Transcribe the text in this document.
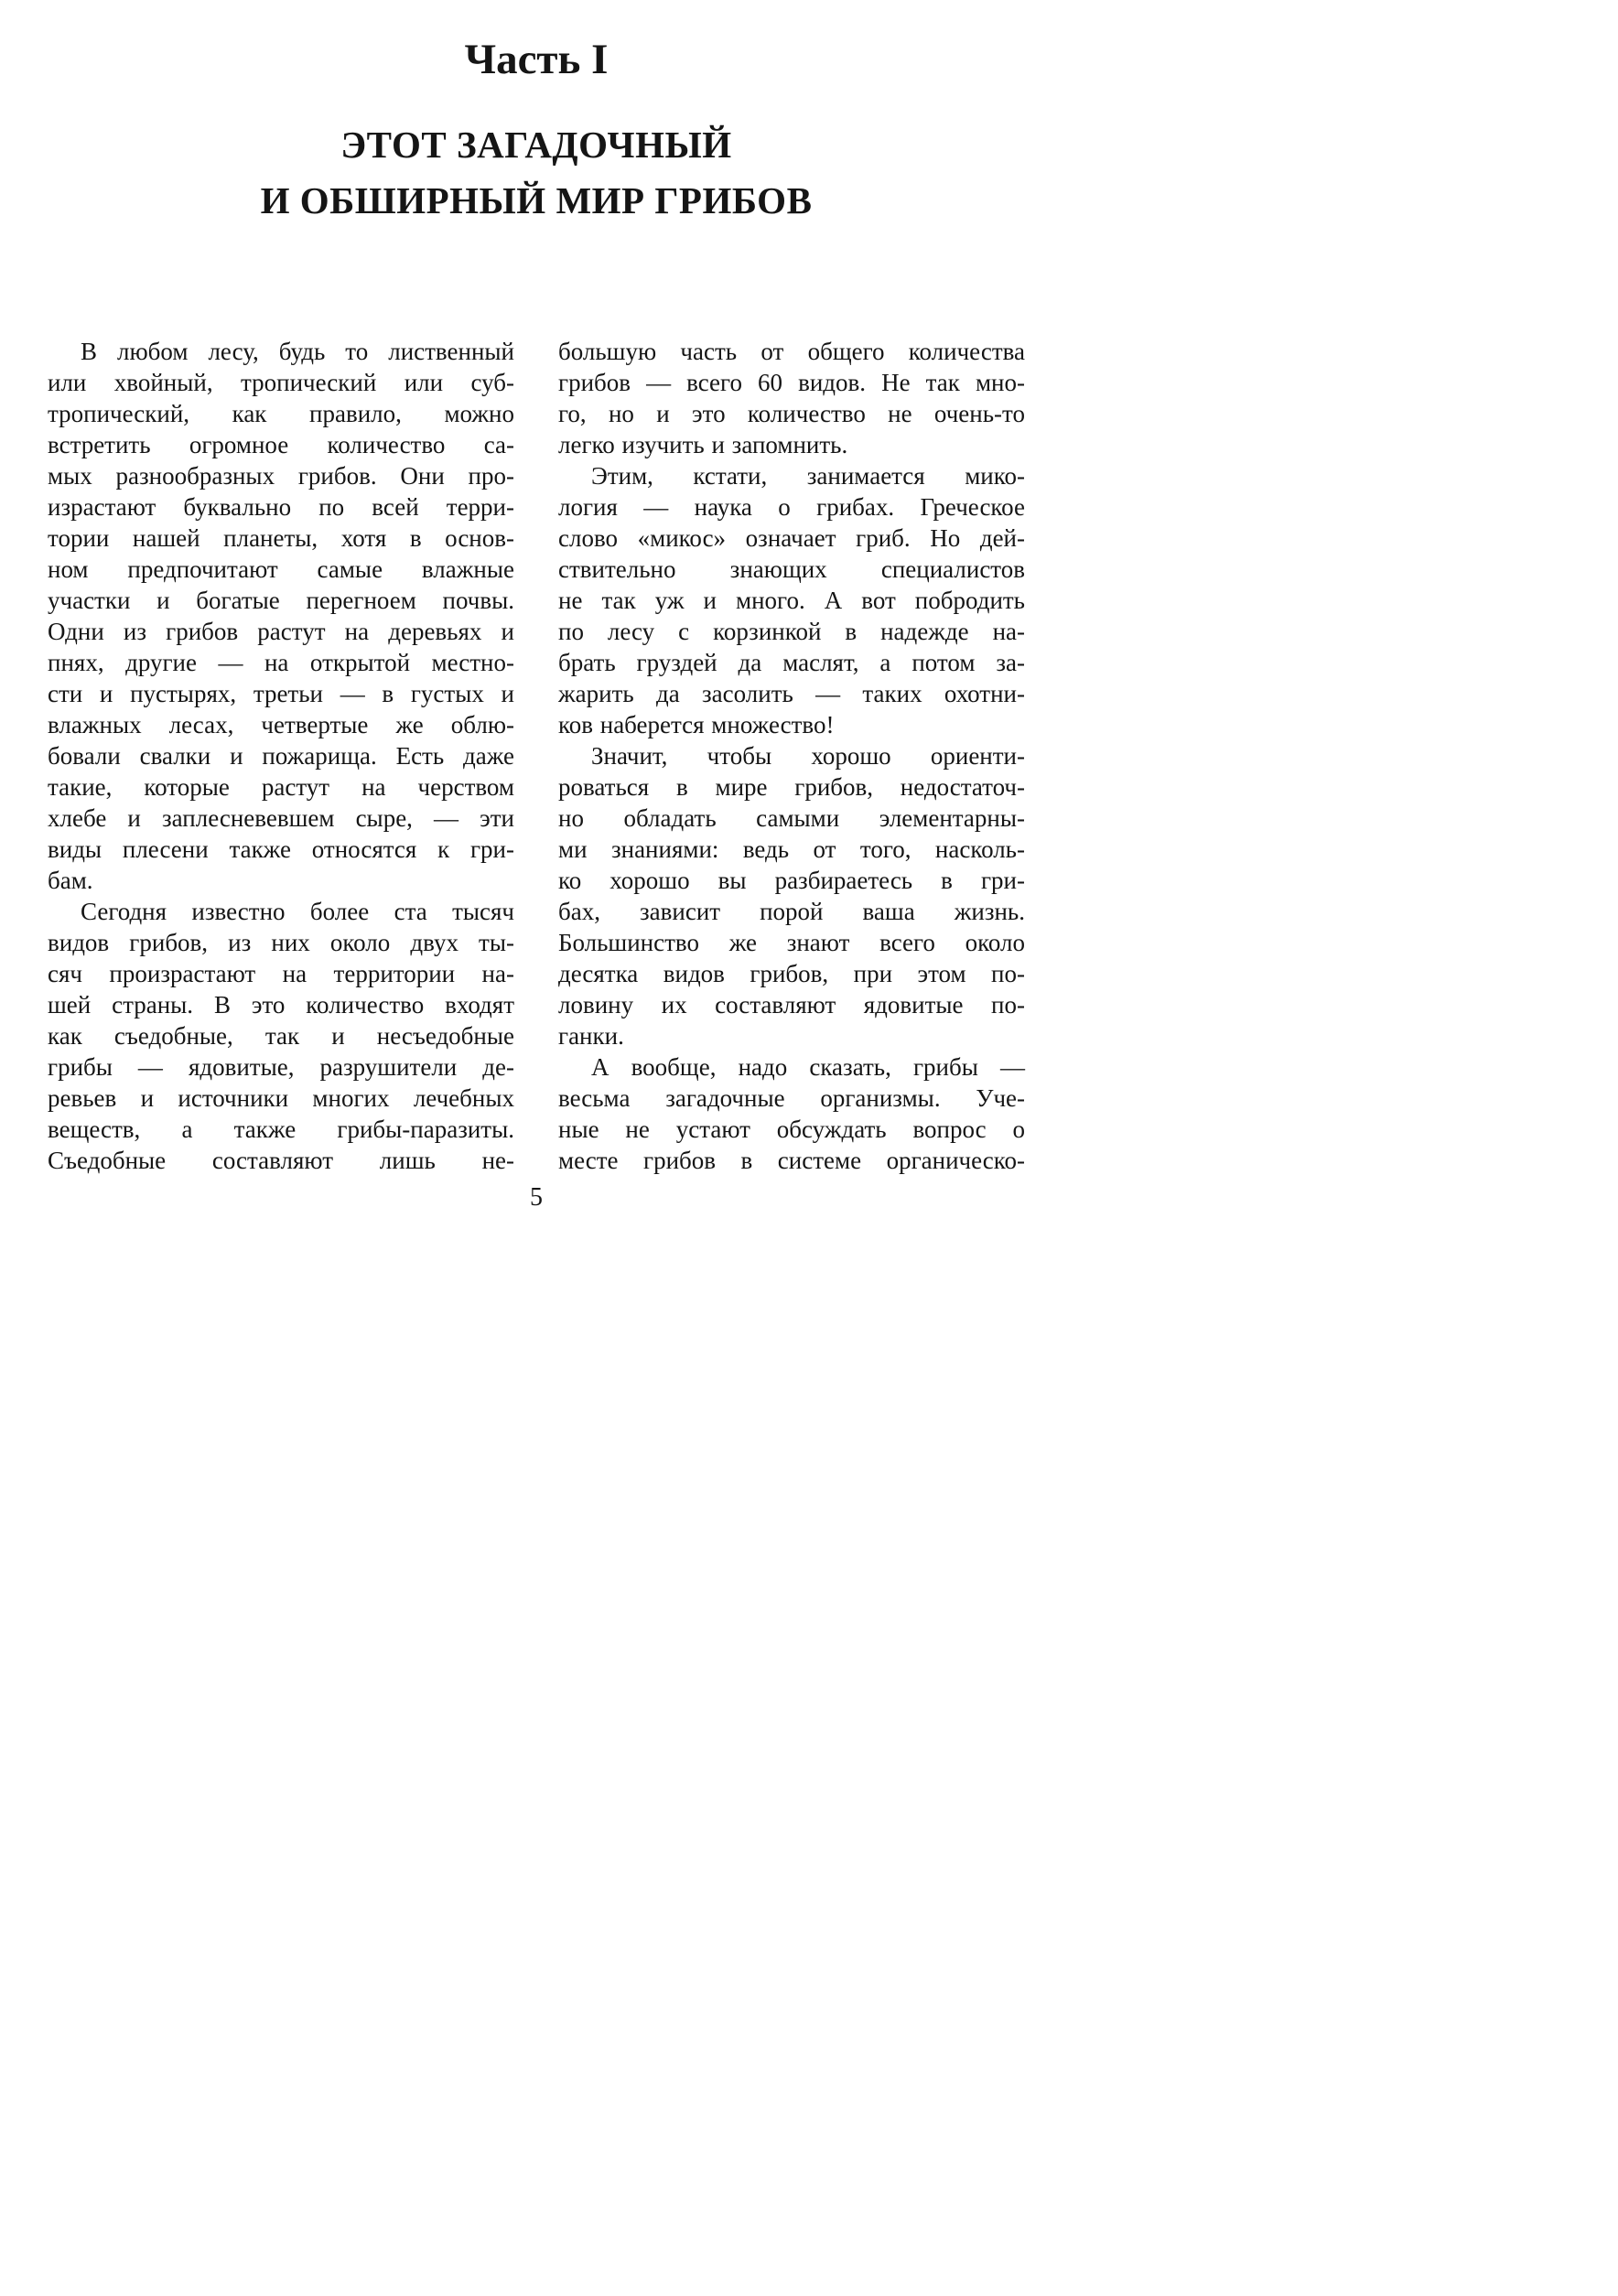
Часть I
ЭТОТ ЗАГАДОЧНЫЙ
И ОБШИРНЫЙ МИР ГРИБОВ
В любом лесу, будь то лиственный
или хвойный, тропический или суб-
тропический, как правило, можно
встретить огромное количество са-
мых разнообразных грибов. Они про-
израстают буквально по всей терри-
тории нашей планеты, хотя в основ-
ном предпочитают самые влажные
участки и богатые перегноем почвы.
Одни из грибов растут на деревьях и
пнях, другие — на открытой местно-
сти и пустырях, третьи — в густых и
влажных лесах, четвертые же облю-
бовали свалки и пожарища. Есть даже
такие, которые растут на черством
хлебе и заплесневевшем сыре, — эти
виды плесени также относятся к гри-
бам.
Сегодня известно более ста тысяч
видов грибов, из них около двух ты-
сяч произрастают на территории на-
шей страны. В это количество входят
как съедобные, так и несъедобные
грибы — ядовитые, разрушители де-
ревьев и источники многих лечебных
веществ, а также грибы-паразиты.
Съедобные составляют лишь не-
большую часть от общего количества
грибов — всего 60 видов. Не так мно-
го, но и это количество не очень-то
легко изучить и запомнить.
Этим, кстати, занимается мико-
логия — наука о грибах. Греческое
слово «микос» означает гриб. Но дей-
ствительно знающих специалистов
не так уж и много. А вот побродить
по лесу с корзинкой в надежде на-
брать груздей да маслят, а потом за-
жарить да засолить — таких охотни-
ков наберется множество!
Значит, чтобы хорошо ориенти-
роваться в мире грибов, недостаточ-
но обладать самыми элементарны-
ми знаниями: ведь от того, насколь-
ко хорошо вы разбираетесь в гри-
бах, зависит порой ваша жизнь.
Большинство же знают всего около
десятка видов грибов, при этом по-
ловину их составляют ядовитые по-
ганки.
А вообще, надо сказать, грибы —
весьма загадочные организмы. Уче-
ные не устают обсуждать вопрос о
месте грибов в системе органическо-
5
